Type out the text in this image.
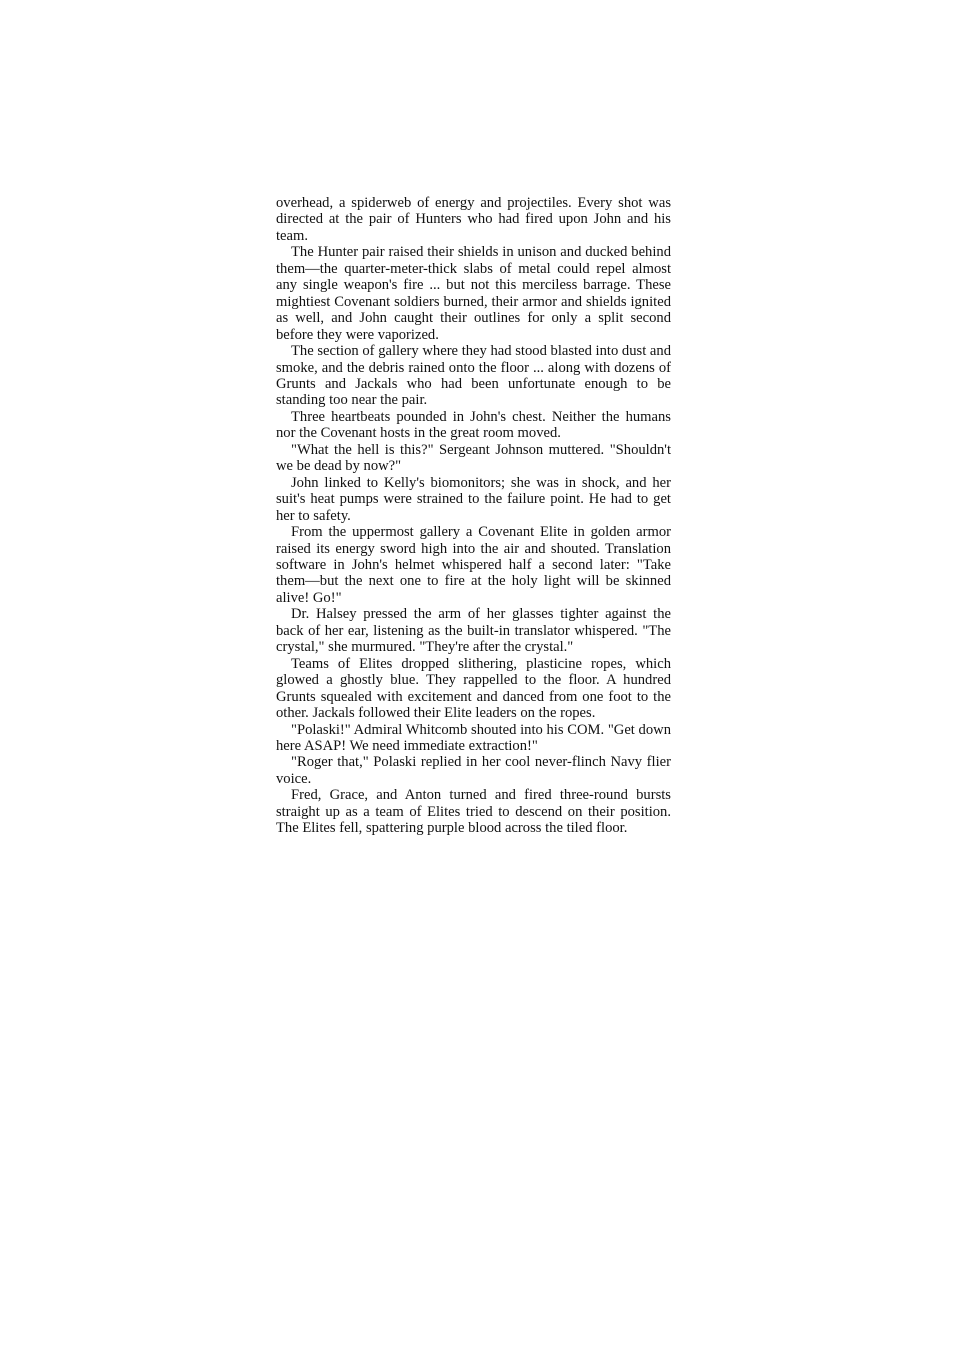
overhead, a spiderweb of energy and projectiles. Every shot was directed at the pair of Hunters who had fired upon John and his team.

The Hunter pair raised their shields in unison and ducked behind them—the quarter-meter-thick slabs of metal could repel almost any single weapon's fire ... but not this merciless barrage. These mightiest Covenant soldiers burned, their armor and shields ignited as well, and John caught their outlines for only a split second before they were vaporized.

The section of gallery where they had stood blasted into dust and smoke, and the debris rained onto the floor ... along with dozens of Grunts and Jackals who had been unfortunate enough to be standing too near the pair.

Three heartbeats pounded in John's chest. Neither the humans nor the Covenant hosts in the great room moved.

"What the hell is this?" Sergeant Johnson muttered. "Shouldn't we be dead by now?"

John linked to Kelly's biomonitors; she was in shock, and her suit's heat pumps were strained to the failure point. He had to get her to safety.

From the uppermost gallery a Covenant Elite in golden armor raised its energy sword high into the air and shouted. Translation software in John's helmet whispered half a second later: "Take them—but the next one to fire at the holy light will be skinned alive! Go!"

Dr. Halsey pressed the arm of her glasses tighter against the back of her ear, listening as the built-in translator whispered. "The crystal," she murmured. "They're after the crystal."

Teams of Elites dropped slithering, plasticine ropes, which glowed a ghostly blue. They rappelled to the floor. A hundred Grunts squealed with excitement and danced from one foot to the other. Jackals followed their Elite leaders on the ropes.

"Polaski!" Admiral Whitcomb shouted into his COM. "Get down here ASAP! We need immediate extraction!"

"Roger that," Polaski replied in her cool never-flinch Navy flier voice.

Fred, Grace, and Anton turned and fired three-round bursts straight up as a team of Elites tried to descend on their position. The Elites fell, spattering purple blood across the tiled floor.
